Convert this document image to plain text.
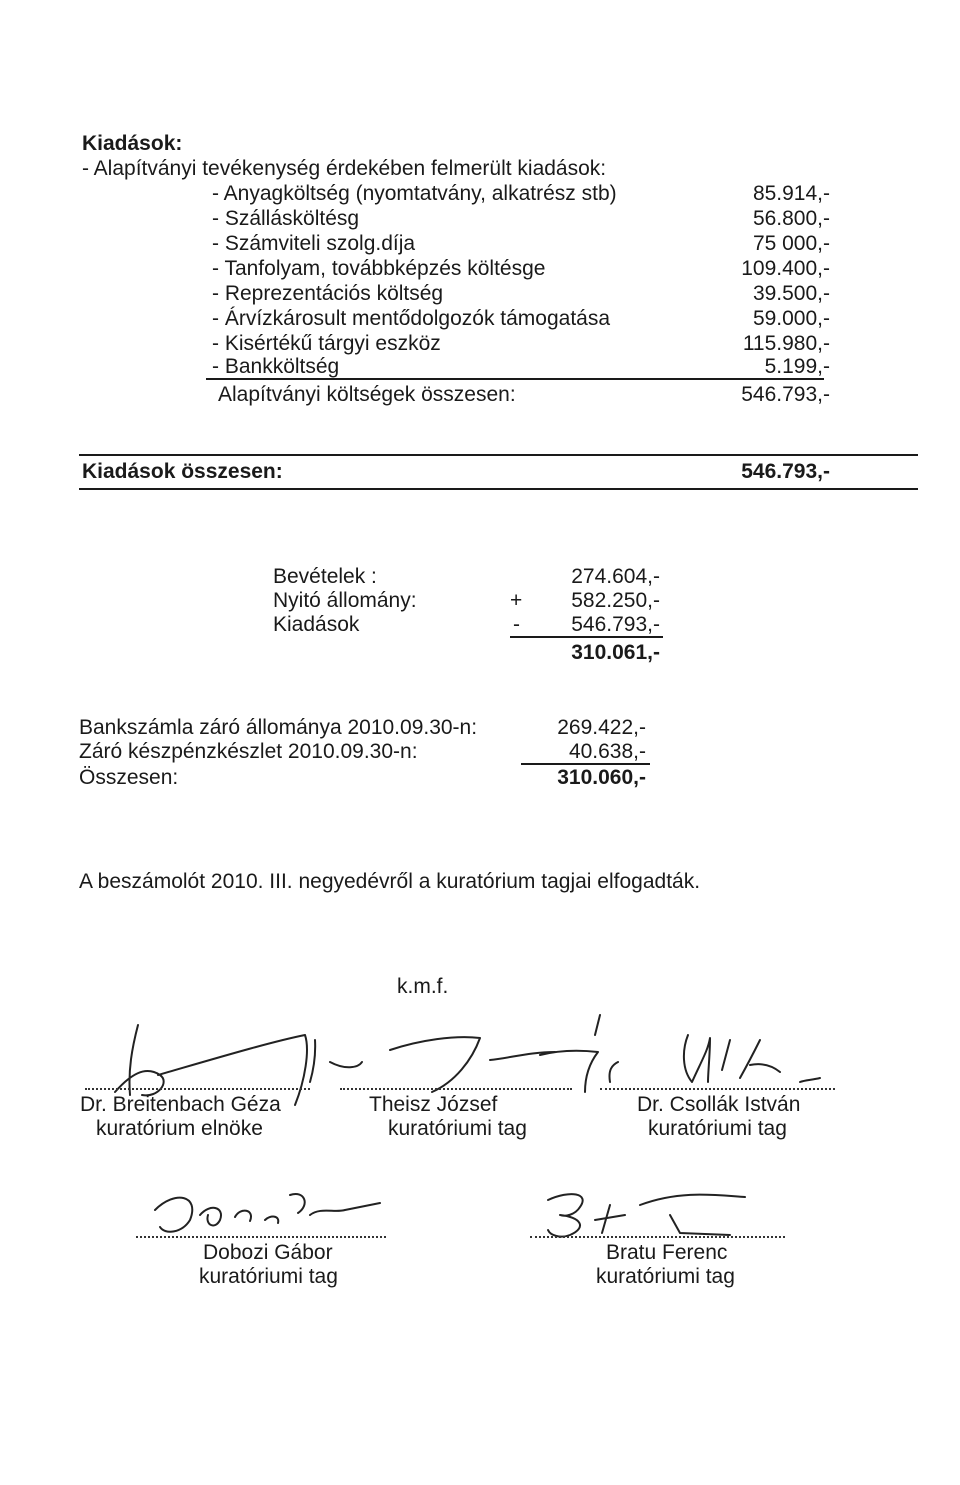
Kiadások:
- Alapítványi tevékenység érdekében felmerült kiadások:
- Anyagköltség (nyomtatvány, alkatrész stb)	85.914,-
- Szállásköltésg	56.800,-
- Számviteli szolg.díja	75 000,-
- Tanfolyam, továbbképzés költésge	109.400,-
- Reprezentációs költség	39.500,-
- Árvízkárosult mentődolgozók támogatása	59.000,-
- Kisértékű tárgyi eszköz	115.980,-
- Bankköltség	5.199,-
Alapítványi költségek összesen:	546.793,-
Kiadások összesen:	546.793,-
Bevételek :	274.604,-
Nyitó állomány:	+	582.250,-
Kiadások	-	546.793,-
310.061,-
Bankszámla záró állománya 2010.09.30-n:	269.422,-
Záró készpénzkészlet 2010.09.30-n:	40.638,-
Összesen:	310.060,-
A beszámolót 2010. III. negyedévről a kuratórium tagjai elfogadták.
k.m.f.
Dr. Breitenbach Géza
kuratórium elnöke
Theisz József
kuratóriumi tag
Dr. Csollák István
kuratóriumi tag
Dobozi Gábor
kuratóriumi tag
Bratu Ferenc
kuratóriumi tag
